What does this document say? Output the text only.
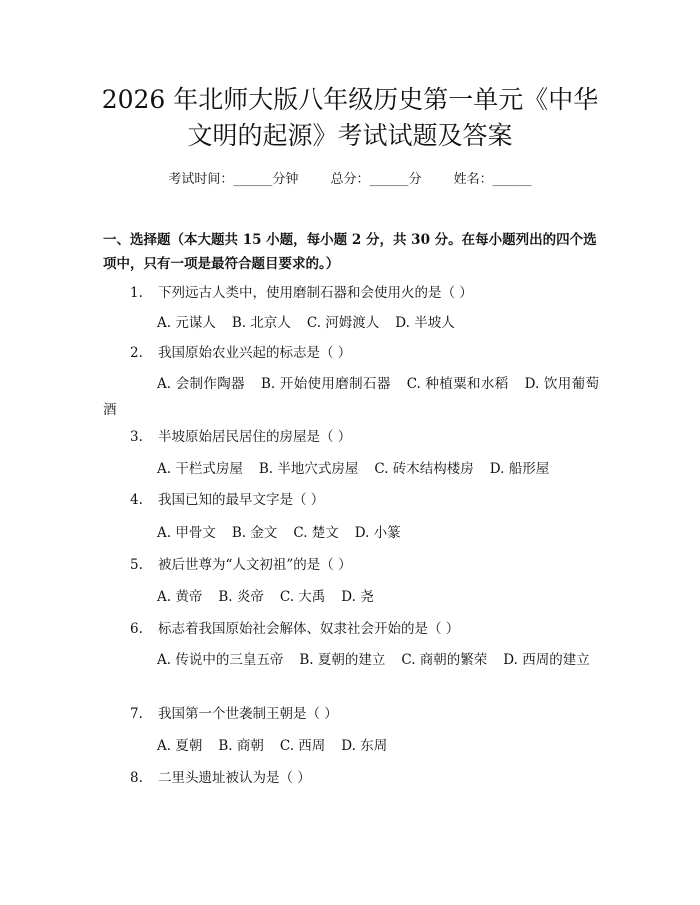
2026 年北师大版八年级历史第一单元《中华
文明的起源》考试试题及答案
考试时间：______分钟 总分：______分 姓名：______
一、选择题（本大题共 15 小题，每小题 2 分，共 30 分。在每小题列出的四个选
项中，只有一项是最符合题目要求的。）
1. 下列远古人类中，使用磨制石器和会使用火的是（ ）
A. 元谋人 B. 北京人 C. 河姆渡人 D. 半坡人
2. 我国原始农业兴起的标志是（ ）
A. 会制作陶器 B. 开始使用磨制石器 C. 种植粟和水稻 D. 饮用葡萄酒
3. 半坡原始居民居住的房屋是（ ）
A. 干栏式房屋 B. 半地穴式房屋 C. 砖木结构楼房 D. 船形屋
4. 我国已知的最早文字是（ ）
A. 甲骨文 B. 金文 C. 楚文 D. 小篆
5. 被后世尊为“人文初祖”的是（ ）
A. 黄帝 B. 炎帝 C. 大禹 D. 尧
6. 标志着我国原始社会解体、奴隶社会开始的是（ ）
A. 传说中的三皇五帝 B. 夏朝的建立 C. 商朝的繁荣 D. 西周的建立
7. 我国第一个世袭制王朝是（ ）
A. 夏朝 B. 商朝 C. 西周 D. 东周
8. 二里头遗址被认为是（ ）
